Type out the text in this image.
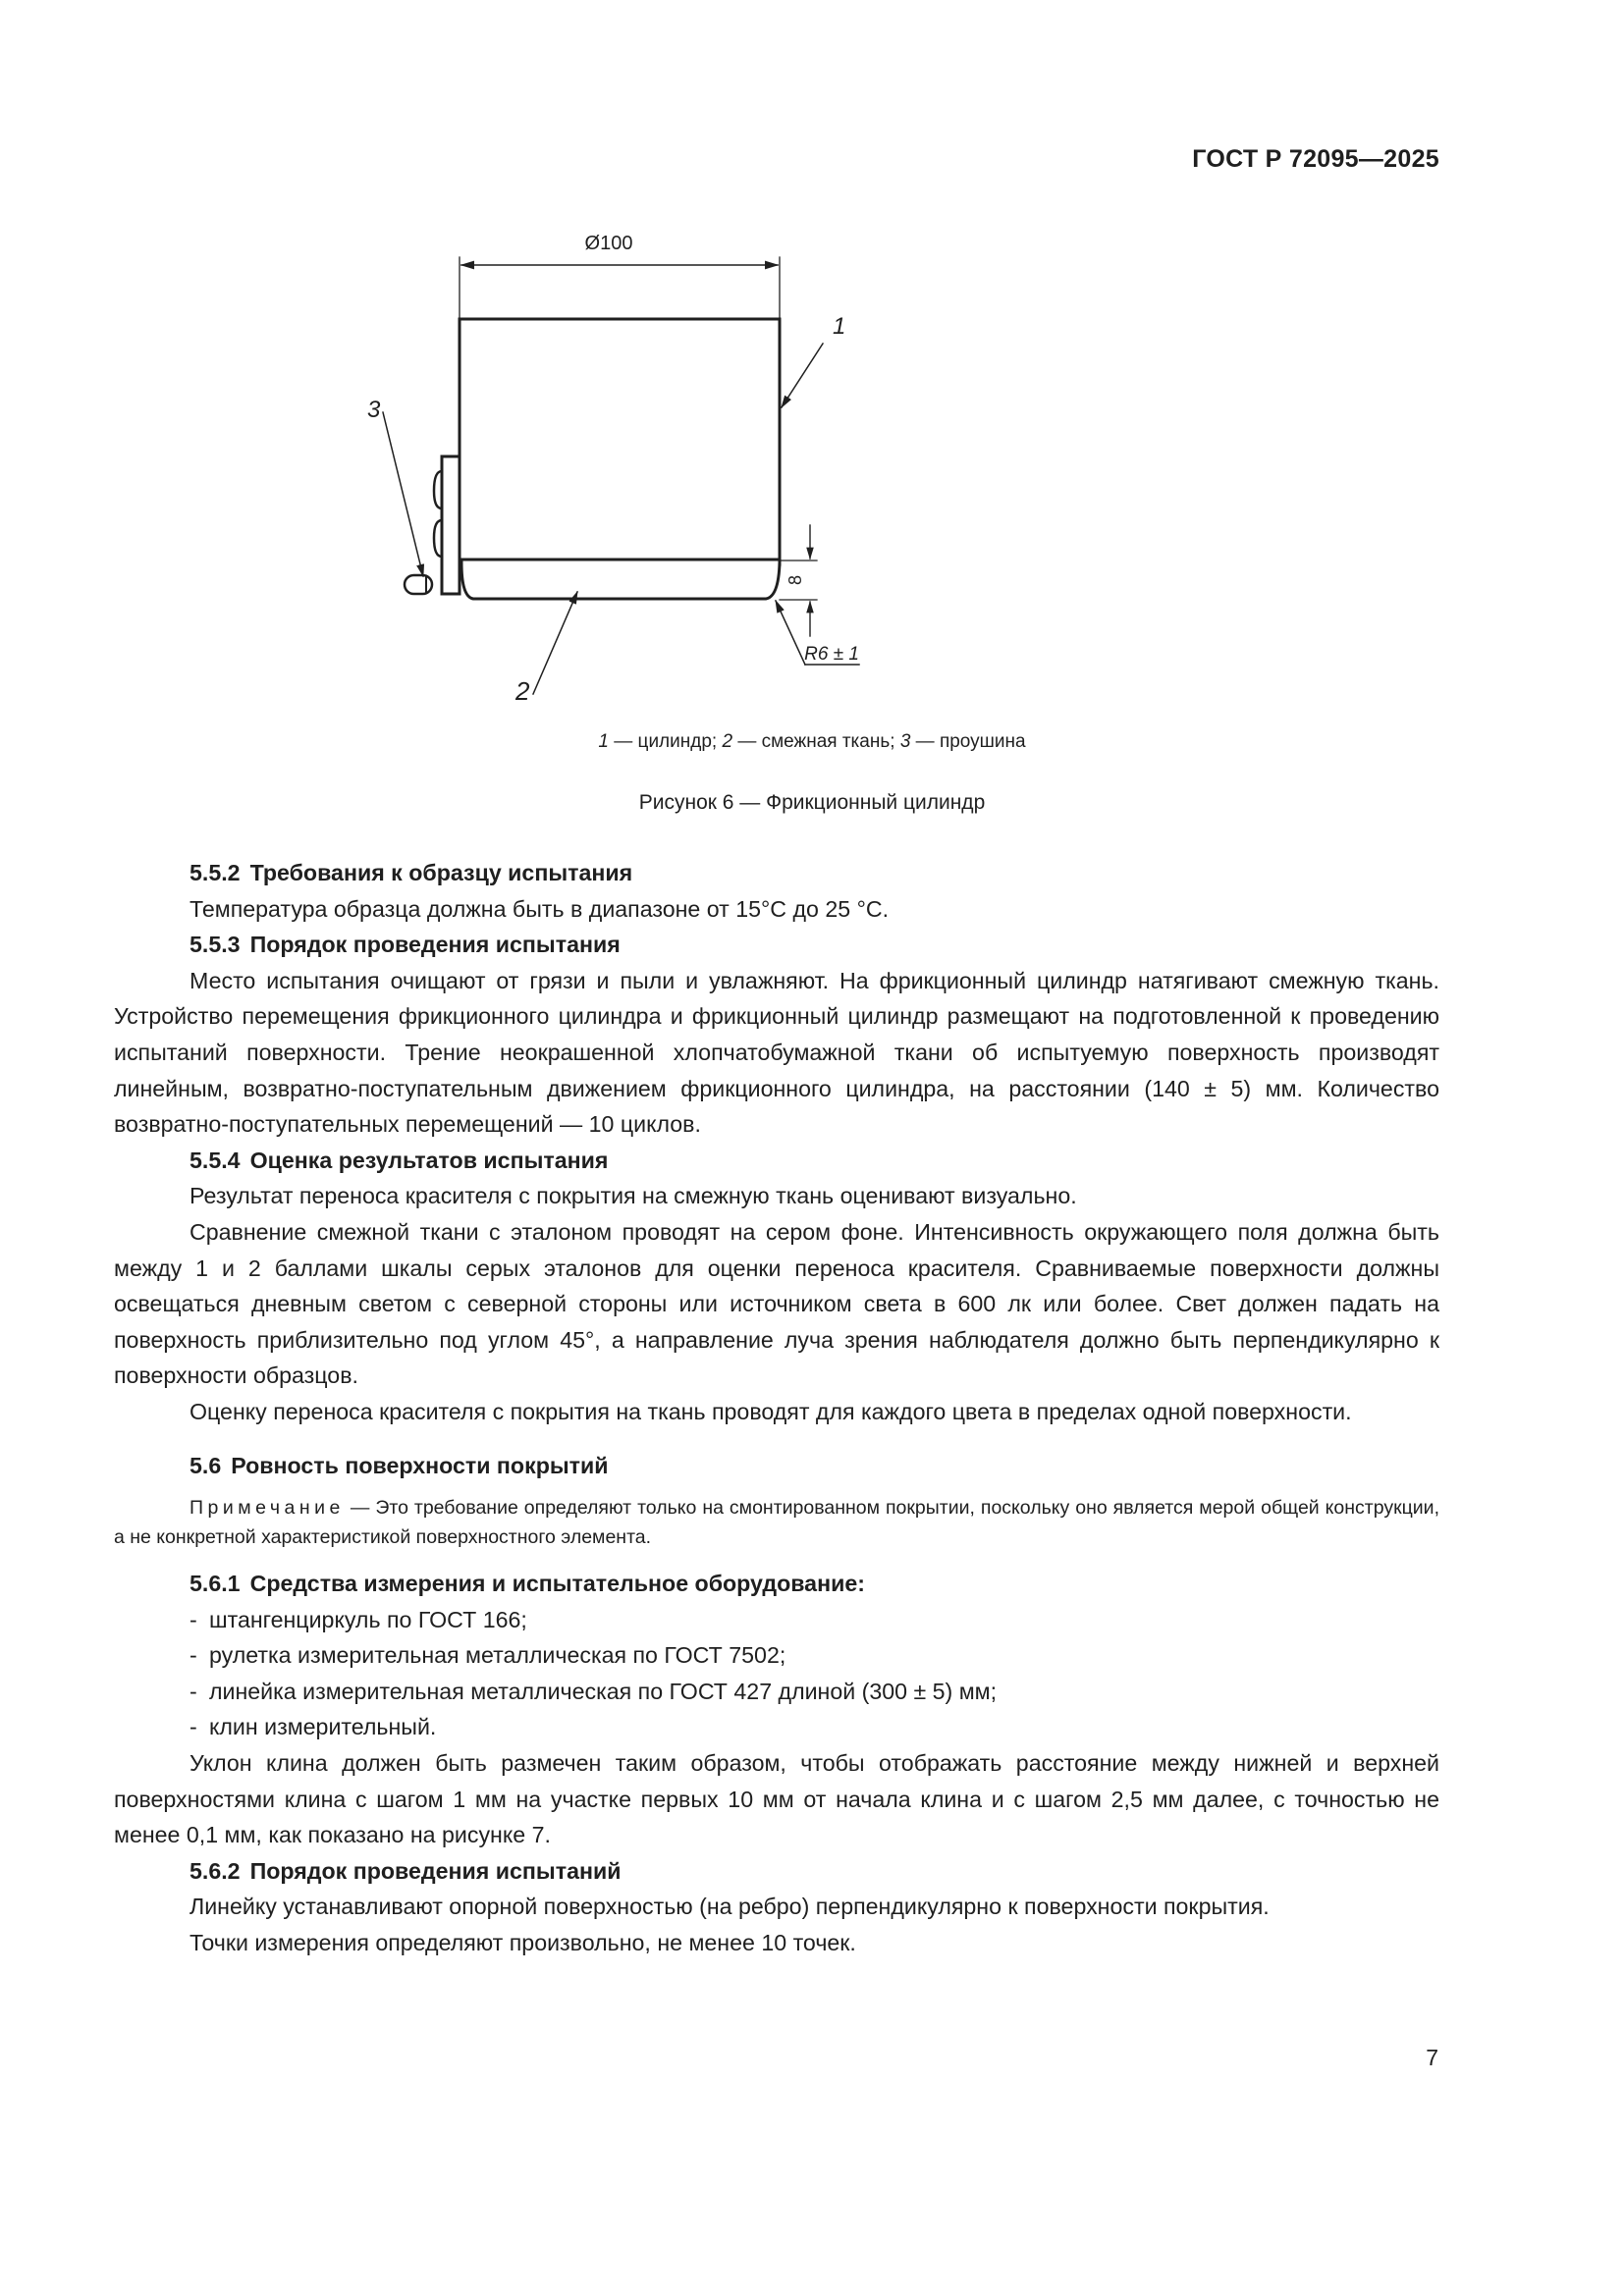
ГОСТ Р 72095—2025
Ø100
1
2
3
8
R6 ± 1
1 — цилиндр; 2 — смежная ткань; 3 — проушина
Рисунок 6 — Фрикционный цилиндр
5.5.2 Требования к образцу испытания

Температура образца должна быть в диапазоне от 15°C до 25 °C.

5.5.3 Порядок проведения испытания

Место испытания очищают от грязи и пыли и увлажняют. На фрикционный цилиндр натягивают смежную ткань. Устройство перемещения фрикционного цилиндра и фрикционный цилиндр размещают на подготовленной к проведению испытаний поверхности. Трение неокрашенной хлопчатобумажной ткани об испытуемую поверхность производят линейным, возвратно-поступательным движением фрикционного цилиндра, на расстоянии (140 ± 5) мм. Количество возвратно-поступательных перемещений — 10 циклов.

5.5.4 Оценка результатов испытания

Результат переноса красителя с покрытия на смежную ткань оценивают визуально.

Сравнение смежной ткани с эталоном проводят на сером фоне. Интенсивность окружающего поля должна быть между 1 и 2 баллами шкалы серых эталонов для оценки переноса красителя. Сравниваемые поверхности должны освещаться дневным светом с северной стороны или источником света в 600 лк или более. Свет должен падать на поверхность приблизительно под углом 45°, а направление луча зрения наблюдателя должно быть перпендикулярно к поверхности образцов.

Оценку переноса красителя с покрытия на ткань проводят для каждого цвета в пределах одной поверхности.

5.6 Ровность поверхности покрытий

Примечание — Это требование определяют только на смонтированном покрытии, поскольку оно является мерой общей конструкции, а не конкретной характеристикой поверхностного элемента.

5.6.1 Средства измерения и испытательное оборудование:
- штангенциркуль по ГОСТ 166;
- рулетка измерительная металлическая по ГОСТ 7502;
- линейка измерительная металлическая по ГОСТ 427 длиной (300 ± 5) мм;
- клин измерительный.

Уклон клина должен быть размечен таким образом, чтобы отображать расстояние между нижней и верхней поверхностями клина с шагом 1 мм на участке первых 10 мм от начала клина и с шагом 2,5 мм далее, с точностью не менее 0,1 мм, как показано на рисунке 7.

5.6.2 Порядок проведения испытаний

Линейку устанавливают опорной поверхностью (на ребро) перпендикулярно к поверхности покрытия.

Точки измерения определяют произвольно, не менее 10 точек.

7
